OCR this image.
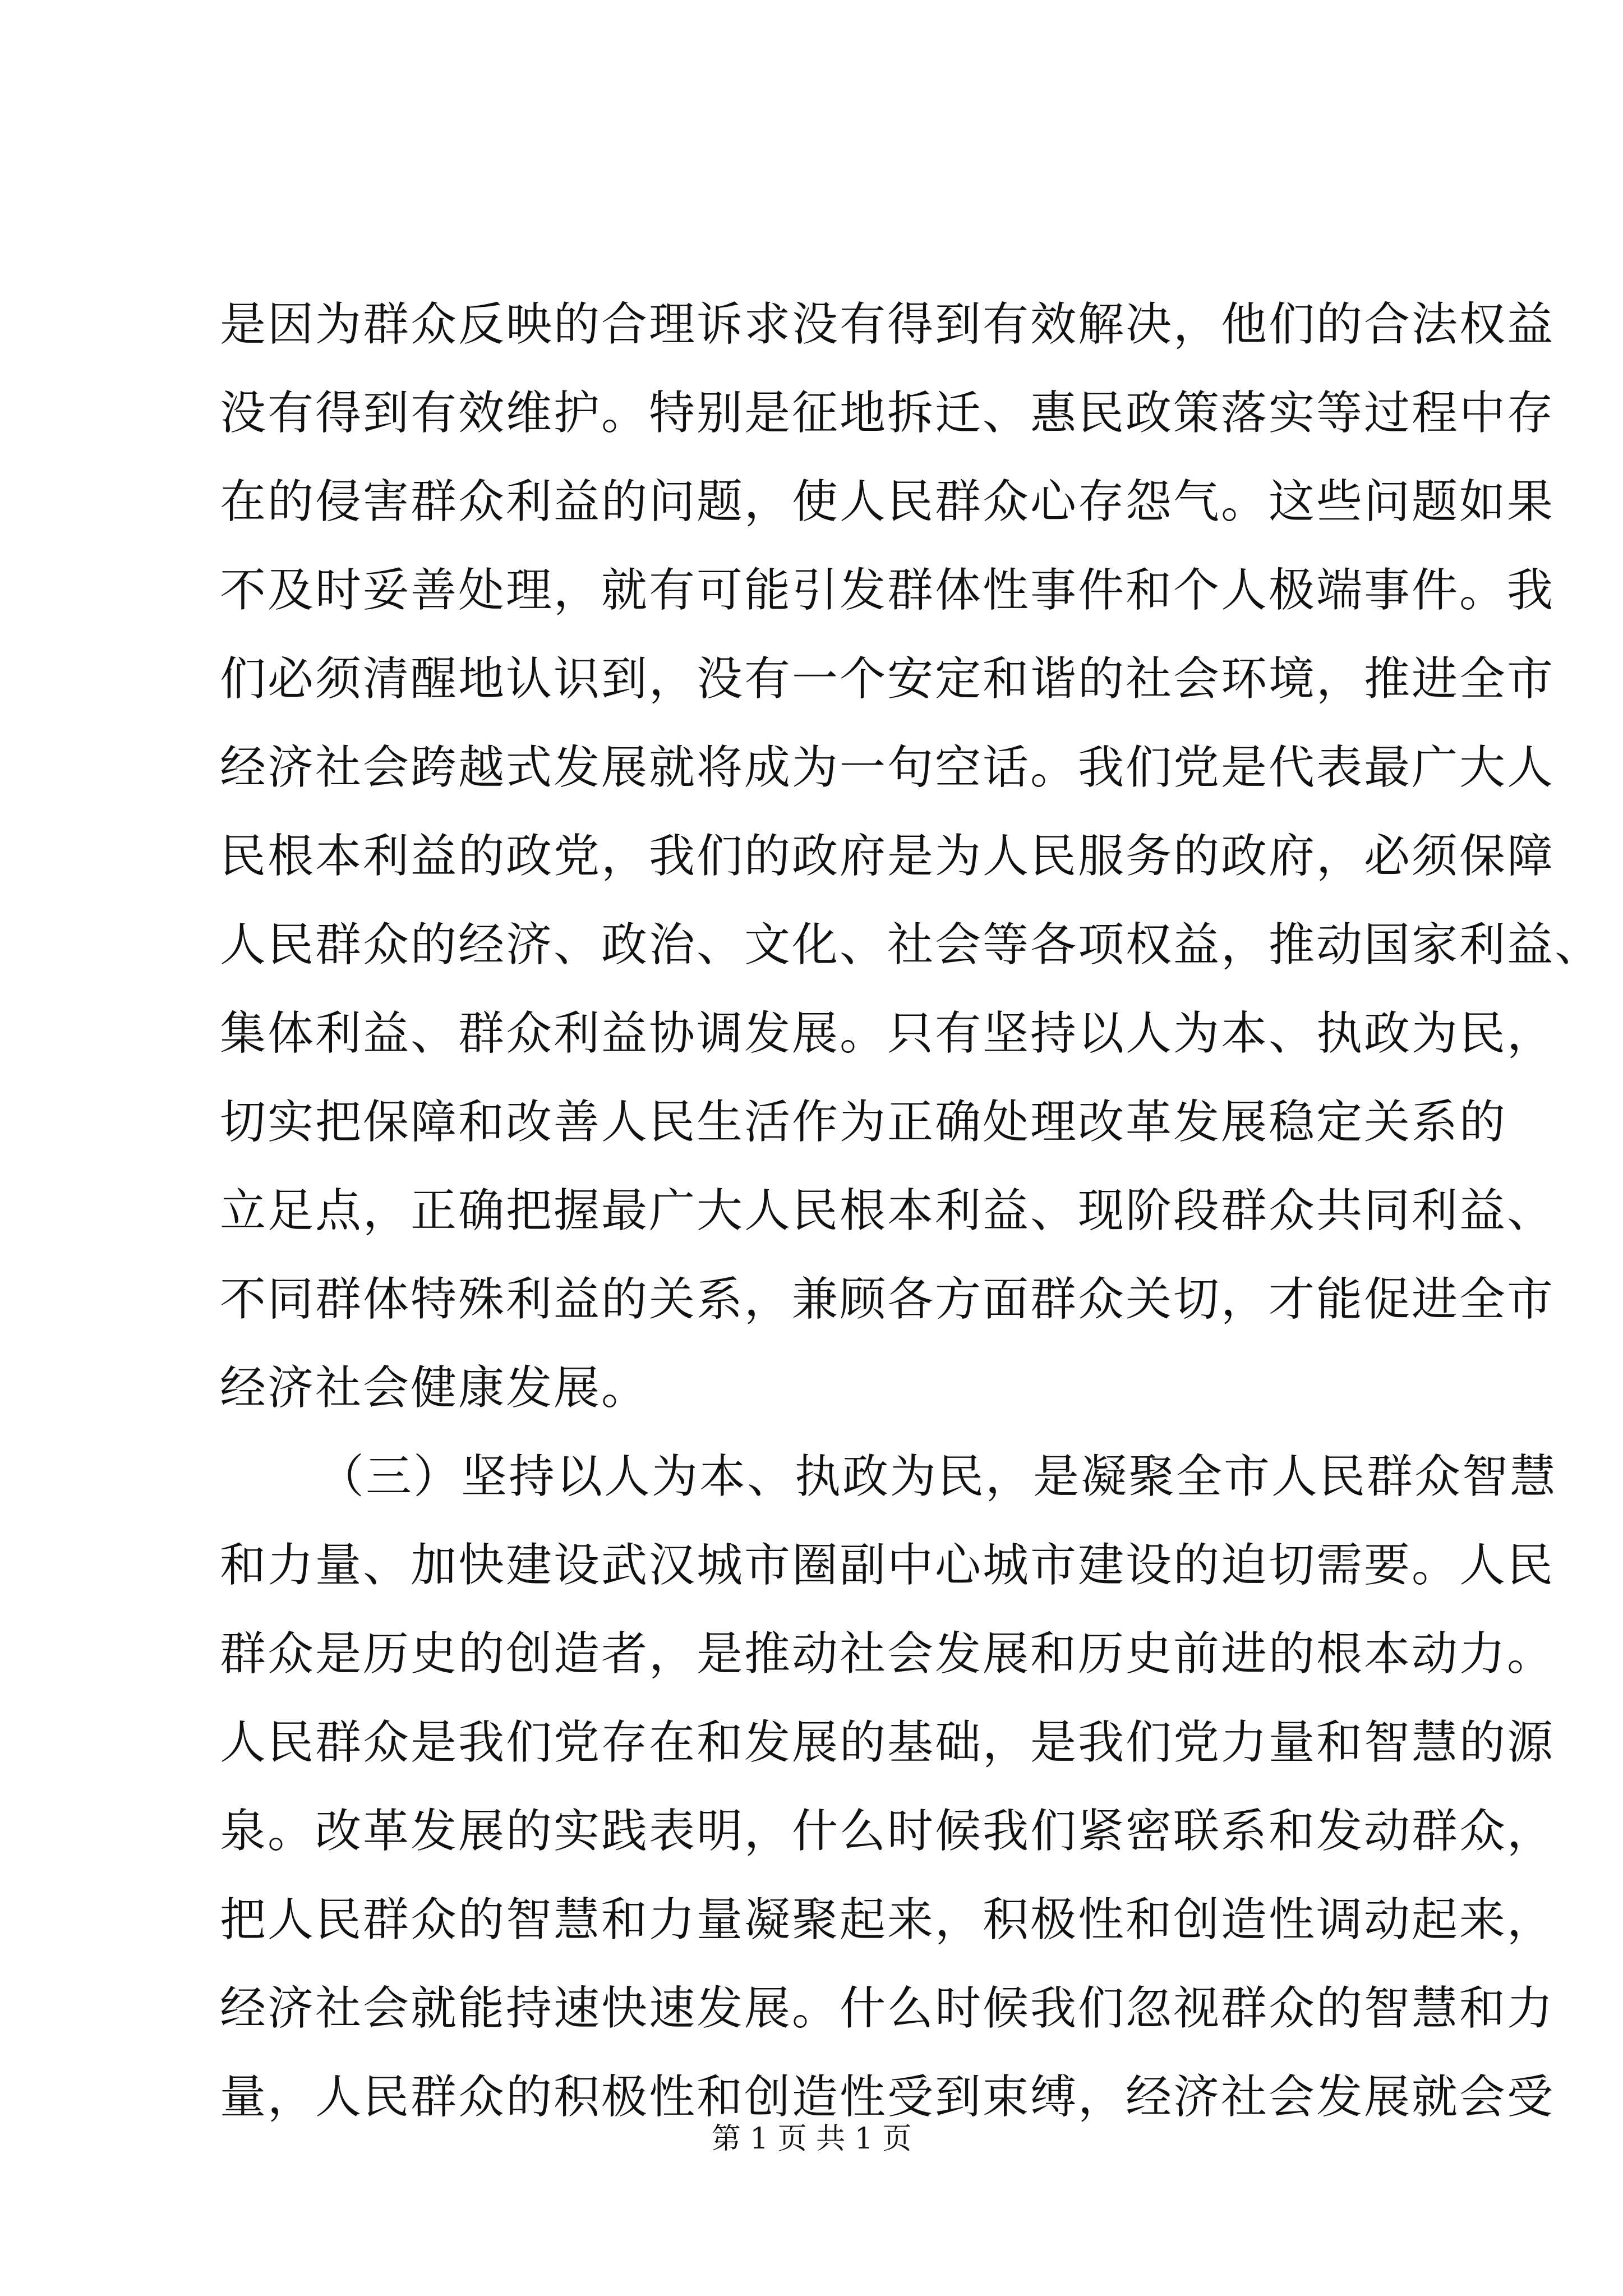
是因为群众反映的合理诉求没有得到有效解决，他们的合法权益
没有得到有效维护。特别是征地拆迁、惠民政策落实等过程中存
在的侵害群众利益的问题，使人民群众心存怨气。这些问题如果
不及时妥善处理，就有可能引发群体性事件和个人极端事件。我
们必须清醒地认识到，没有一个安定和谐的社会环境，推进全市
经济社会跨越式发展就将成为一句空话。我们党是代表最广大人
民根本利益的政党，我们的政府是为人民服务的政府，必须保障
人民群众的经济、政治、文化、社会等各项权益，推动国家利益、
集体利益、群众利益协调发展。只有坚持以人为本、执政为民，
切实把保障和改善人民生活作为正确处理改革发展稳定关系的
立足点，正确把握最广大人民根本利益、现阶段群众共同利益、
不同群体特殊利益的关系，兼顾各方面群众关切，才能促进全市
经济社会健康发展。
（三）坚持以人为本、执政为民，是凝聚全市人民群众智慧
和力量、加快建设武汉城市圈副中心城市建设的迫切需要。人民
群众是历史的创造者，是推动社会发展和历史前进的根本动力。
人民群众是我们党存在和发展的基础，是我们党力量和智慧的源
泉。改革发展的实践表明，什么时候我们紧密联系和发动群众，
把人民群众的智慧和力量凝聚起来，积极性和创造性调动起来，
经济社会就能持速快速发展。什么时候我们忽视群众的智慧和力
量，人民群众的积极性和创造性受到束缚，经济社会发展就会受
第 1 页 共 1 页
